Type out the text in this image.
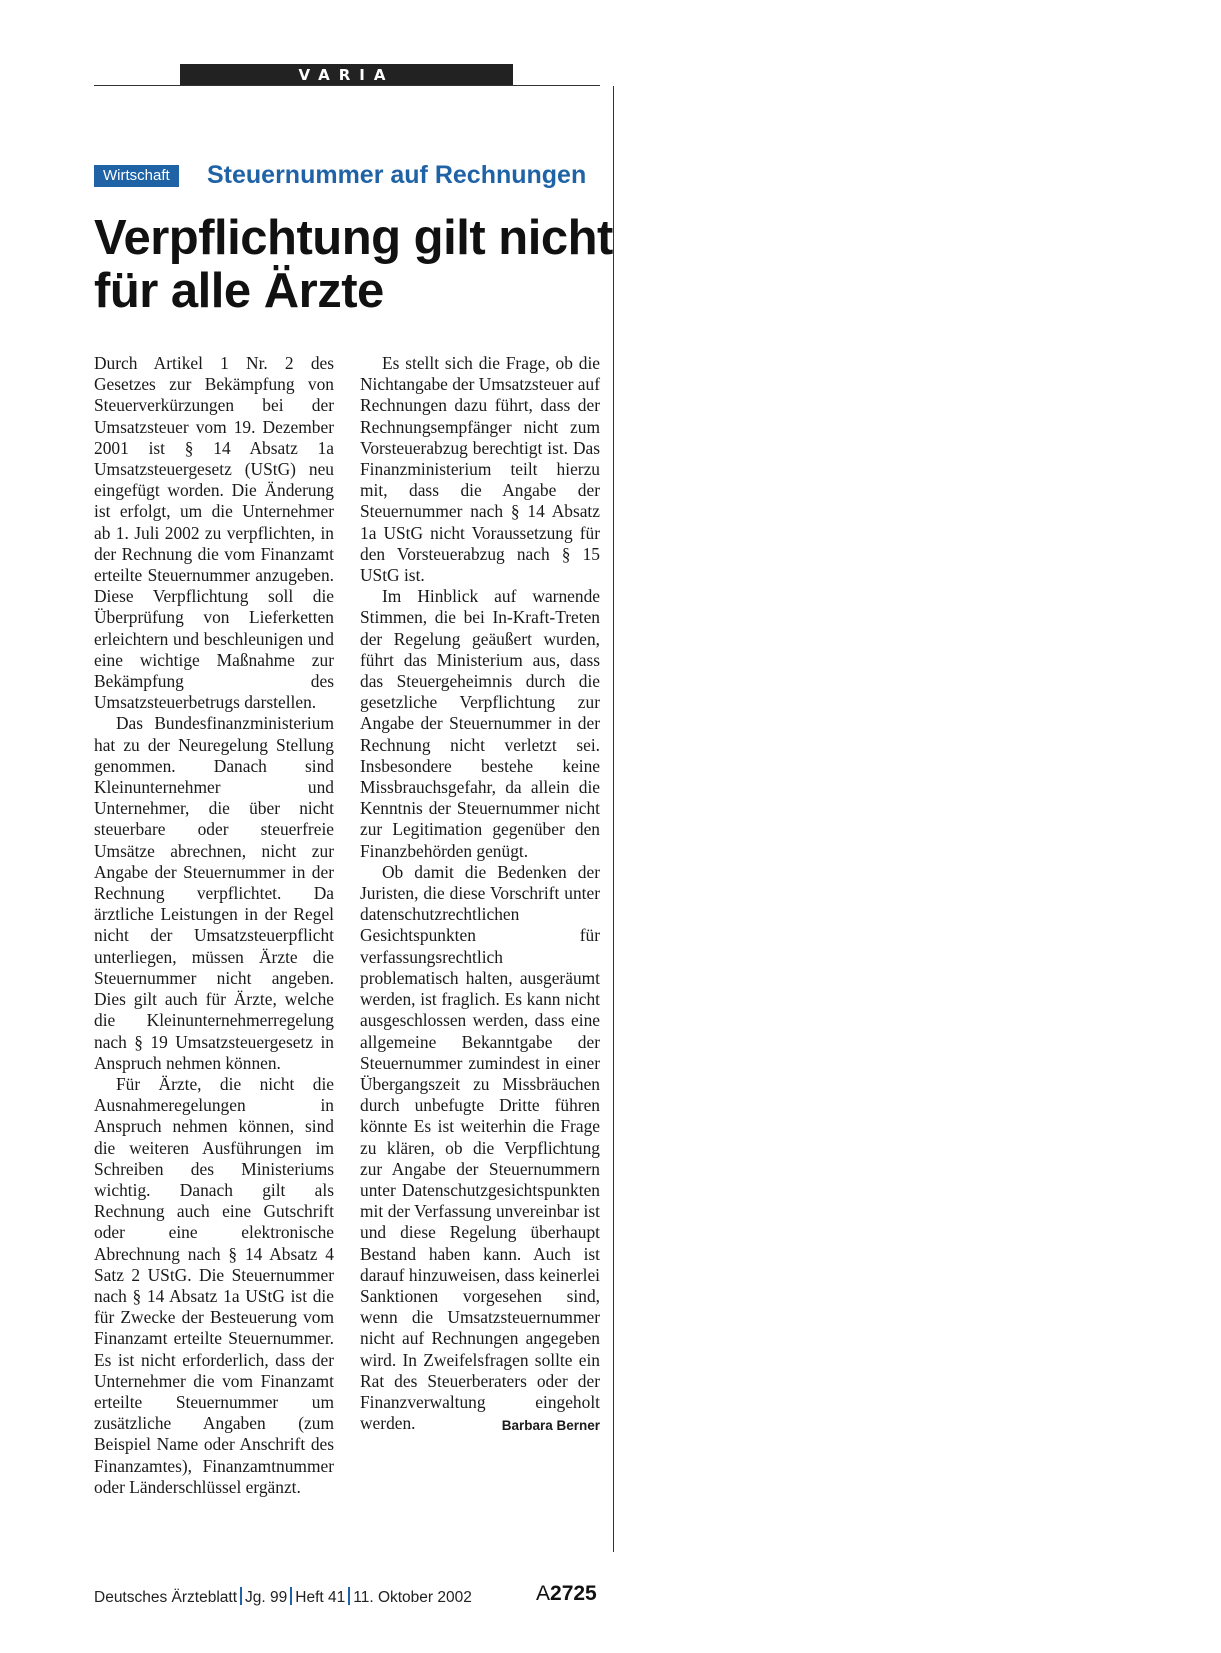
VARIA
Wirtschaft	Steuernummer auf Rechnungen
Verpflichtung gilt nicht
für alle Ärzte

Durch Artikel 1 Nr. 2 des Gesetzes zur Bekämpfung von Steuerverkürzungen bei der Umsatzsteuer vom 19. Dezember 2001 ist § 14 Absatz 1a Umsatzsteuergesetz (UStG) neu eingefügt worden. Die Änderung ist erfolgt, um die Unternehmer ab 1. Juli 2002 zu verpflichten, in der Rechnung die vom Finanzamt erteilte Steuernummer anzugeben. Diese Verpflichtung soll die Überprüfung von Lieferketten erleichtern und beschleunigen und eine wichtige Maßnahme zur Bekämpfung des Umsatzsteuerbetrugs darstellen.

Das Bundesfinanzministerium hat zu der Neuregelung Stellung genommen. Danach sind Kleinunternehmer und Unternehmer, die über nicht steuerbare oder steuerfreie Umsätze abrechnen, nicht zur Angabe der Steuernummer in der Rechnung verpflichtet. Da ärztliche Leistungen in der Regel nicht der Umsatzsteuerpflicht unterliegen, müssen Ärzte die Steuernummer nicht angeben. Dies gilt auch für Ärzte, welche die Kleinunternehmerregelung nach § 19 Umsatzsteuergesetz in Anspruch nehmen können.

Für Ärzte, die nicht die Ausnahmeregelungen in Anspruch nehmen können, sind die weiteren Ausführungen im Schreiben des Ministeriums wichtig. Danach gilt als Rechnung auch eine Gutschrift oder eine elektronische Abrechnung nach § 14 Absatz 4 Satz 2 UStG. Die Steuernummer nach § 14 Absatz 1a UStG ist die für Zwecke der Besteuerung vom Finanzamt erteilte Steuernummer. Es ist nicht erforderlich, dass der Unternehmer die vom Finanzamt erteilte Steuernummer um zusätzliche Angaben (zum Beispiel Name oder Anschrift des Finanzamtes), Finanzamtnummer oder Länderschlüssel ergänzt.

Es stellt sich die Frage, ob die Nichtangabe der Umsatzsteuer auf Rechnungen dazu führt, dass der Rechnungsempfänger nicht zum Vorsteuerabzug berechtigt ist. Das Finanzministerium teilt hierzu mit, dass die Angabe der Steuernummer nach § 14 Absatz 1a UStG nicht Voraussetzung für den Vorsteuerabzug nach § 15 UStG ist.

Im Hinblick auf warnende Stimmen, die bei In-Kraft-Treten der Regelung geäußert wurden, führt das Ministerium aus, dass das Steuergeheimnis durch die gesetzliche Verpflichtung zur Angabe der Steuernummer in der Rechnung nicht verletzt sei. Insbesondere bestehe keine Missbrauchsgefahr, da allein die Kenntnis der Steuernummer nicht zur Legitimation gegenüber den Finanzbehörden genügt.

Ob damit die Bedenken der Juristen, die diese Vorschrift unter datenschutzrechtlichen Gesichtspunkten für verfassungsrechtlich problematisch halten, ausgeräumt werden, ist fraglich. Es kann nicht ausgeschlossen werden, dass eine allgemeine Bekanntgabe der Steuernummer zumindest in einer Übergangszeit zu Missbräuchen durch unbefugte Dritte führen könnte Es ist weiterhin die Frage zu klären, ob die Verpflichtung zur Angabe der Steuernummern unter Datenschutzgesichtspunkten mit der Verfassung unvereinbar ist und diese Regelung überhaupt Bestand haben kann. Auch ist darauf hinzuweisen, dass keinerlei Sanktionen vorgesehen sind, wenn die Umsatzsteuernummer nicht auf Rechnungen angegeben wird. In Zweifelsfragen sollte ein Rat des Steuerberaters oder der Finanzverwaltung eingeholt werden.	Barbara Berner

Deutsches Ärzteblatt Jg. 99 Heft 41 11. Oktober 2002	A2725
